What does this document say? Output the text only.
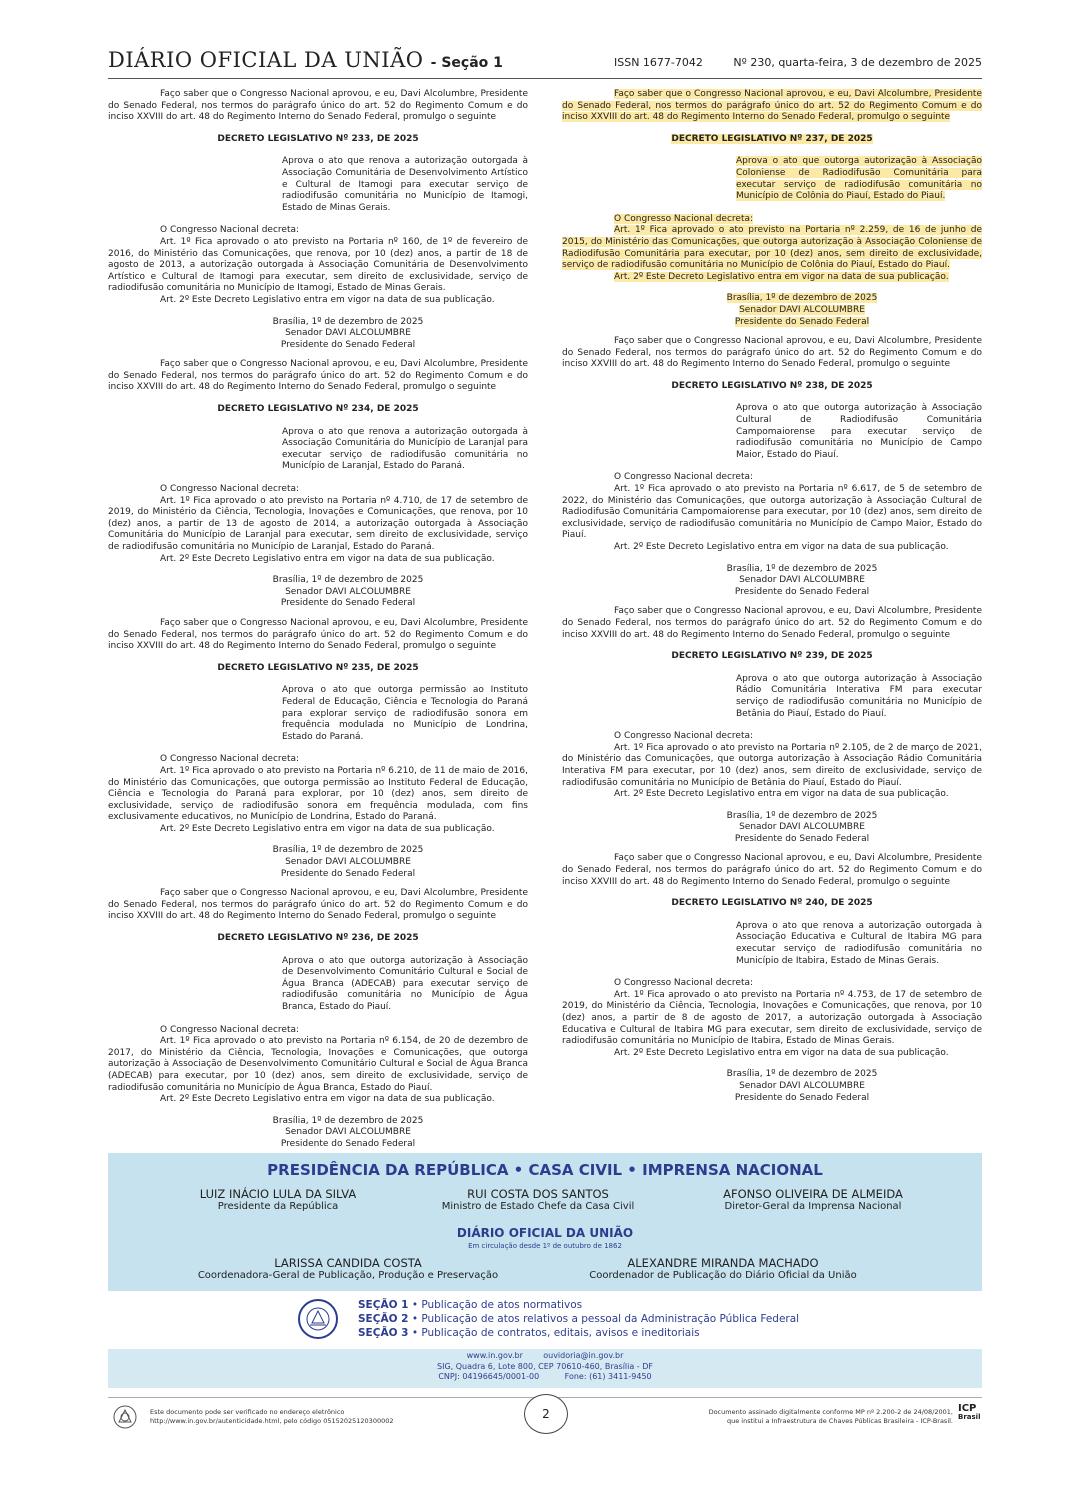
DIÁRIO OFICIAL DA UNIÃO - Seção 1	ISSN 1677-7042	Nº 230, quarta-feira, 3 de dezembro de 2025

Faço saber que o Congresso Nacional aprovou, e eu, Davi Alcolumbre, Presidente do Senado Federal, nos termos do parágrafo único do art. 52 do Regimento Comum e do inciso XXVIII do art. 48 do Regimento Interno do Senado Federal, promulgo o seguinte

DECRETO LEGISLATIVO Nº 233, DE 2025

Aprova o ato que renova a autorização outorgada à Associação Comunitária de Desenvolvimento Artístico e Cultural de Itamogi para executar serviço de radiodifusão comunitária no Município de Itamogi, Estado de Minas Gerais.

O Congresso Nacional decreta:

Art. 1º Fica aprovado o ato previsto na Portaria nº 160, de 1º de fevereiro de 2016, do Ministério das Comunicações, que renova, por 10 (dez) anos, a partir de 18 de agosto de 2013, a autorização outorgada à Associação Comunitária de Desenvolvimento Artístico e Cultural de Itamogi para executar, sem direito de exclusividade, serviço de radiodifusão comunitária no Município de Itamogi, Estado de Minas Gerais.

Art. 2º Este Decreto Legislativo entra em vigor na data de sua publicação.

Brasília, 1º de dezembro de 2025
Senador DAVI ALCOLUMBRE
Presidente do Senado Federal

Faço saber que o Congresso Nacional aprovou, e eu, Davi Alcolumbre, Presidente do Senado Federal, nos termos do parágrafo único do art. 52 do Regimento Comum e do inciso XXVIII do art. 48 do Regimento Interno do Senado Federal, promulgo o seguinte

DECRETO LEGISLATIVO Nº 234, DE 2025

Aprova o ato que renova a autorização outorgada à Associação Comunitária do Município de Laranjal para executar serviço de radiodifusão comunitária no Município de Laranjal, Estado do Paraná.

O Congresso Nacional decreta:

Art. 1º Fica aprovado o ato previsto na Portaria nº 4.710, de 17 de setembro de 2019, do Ministério da Ciência, Tecnologia, Inovações e Comunicações, que renova, por 10 (dez) anos, a partir de 13 de agosto de 2014, a autorização outorgada à Associação Comunitária do Município de Laranjal para executar, sem direito de exclusividade, serviço de radiodifusão comunitária no Município de Laranjal, Estado do Paraná.

Art. 2º Este Decreto Legislativo entra em vigor na data de sua publicação.

Brasília, 1º de dezembro de 2025
Senador DAVI ALCOLUMBRE
Presidente do Senado Federal

Faço saber que o Congresso Nacional aprovou, e eu, Davi Alcolumbre, Presidente do Senado Federal, nos termos do parágrafo único do art. 52 do Regimento Comum e do inciso XXVIII do art. 48 do Regimento Interno do Senado Federal, promulgo o seguinte

DECRETO LEGISLATIVO Nº 235, DE 2025

Aprova o ato que outorga permissão ao Instituto Federal de Educação, Ciência e Tecnologia do Paraná para explorar serviço de radiodifusão sonora em frequência modulada no Município de Londrina, Estado do Paraná.

O Congresso Nacional decreta:

Art. 1º Fica aprovado o ato previsto na Portaria nº 6.210, de 11 de maio de 2016, do Ministério das Comunicações, que outorga permissão ao Instituto Federal de Educação, Ciência e Tecnologia do Paraná para explorar, por 10 (dez) anos, sem direito de exclusividade, serviço de radiodifusão sonora em frequência modulada, com fins exclusivamente educativos, no Município de Londrina, Estado do Paraná.

Art. 2º Este Decreto Legislativo entra em vigor na data de sua publicação.

Brasília, 1º de dezembro de 2025
Senador DAVI ALCOLUMBRE
Presidente do Senado Federal

Faço saber que o Congresso Nacional aprovou, e eu, Davi Alcolumbre, Presidente do Senado Federal, nos termos do parágrafo único do art. 52 do Regimento Comum e do inciso XXVIII do art. 48 do Regimento Interno do Senado Federal, promulgo o seguinte

DECRETO LEGISLATIVO Nº 236, DE 2025

Aprova o ato que outorga autorização à Associação de Desenvolvimento Comunitário Cultural e Social de Água Branca (ADECAB) para executar serviço de radiodifusão comunitária no Município de Água Branca, Estado do Piauí.

O Congresso Nacional decreta:

Art. 1º Fica aprovado o ato previsto na Portaria nº 6.154, de 20 de dezembro de 2017, do Ministério da Ciência, Tecnologia, Inovações e Comunicações, que outorga autorização à Associação de Desenvolvimento Comunitário Cultural e Social de Água Branca (ADECAB) para executar, por 10 (dez) anos, sem direito de exclusividade, serviço de radiodifusão comunitária no Município de Água Branca, Estado do Piauí.

Art. 2º Este Decreto Legislativo entra em vigor na data de sua publicação.

Brasília, 1º de dezembro de 2025
Senador DAVI ALCOLUMBRE
Presidente do Senado Federal

Faço saber que o Congresso Nacional aprovou, e eu, Davi Alcolumbre, Presidente do Senado Federal, nos termos do parágrafo único do art. 52 do Regimento Comum e do inciso XXVIII do art. 48 do Regimento Interno do Senado Federal, promulgo o seguinte

DECRETO LEGISLATIVO Nº 237, DE 2025

Aprova o ato que outorga autorização à Associação Coloniense de Radiodifusão Comunitária para executar serviço de radiodifusão comunitária no Município de Colônia do Piauí, Estado do Piauí.

O Congresso Nacional decreta:

Art. 1º Fica aprovado o ato previsto na Portaria nº 2.259, de 16 de junho de 2015, do Ministério das Comunicações, que outorga autorização à Associação Coloniense de Radiodifusão Comunitária para executar, por 10 (dez) anos, sem direito de exclusividade, serviço de radiodifusão comunitária no Município de Colônia do Piauí, Estado do Piauí.

Art. 2º Este Decreto Legislativo entra em vigor na data de sua publicação.

Brasília, 1º de dezembro de 2025
Senador DAVI ALCOLUMBRE
Presidente do Senado Federal

Faço saber que o Congresso Nacional aprovou, e eu, Davi Alcolumbre, Presidente do Senado Federal, nos termos do parágrafo único do art. 52 do Regimento Comum e do inciso XXVIII do art. 48 do Regimento Interno do Senado Federal, promulgo o seguinte

DECRETO LEGISLATIVO Nº 238, DE 2025

Aprova o ato que outorga autorização à Associação Cultural de Radiodifusão Comunitária Campomaiorense para executar serviço de radiodifusão comunitária no Município de Campo Maior, Estado do Piauí.

O Congresso Nacional decreta:

Art. 1º Fica aprovado o ato previsto na Portaria nº 6.617, de 5 de setembro de 2022, do Ministério das Comunicações, que outorga autorização à Associação Cultural de Radiodifusão Comunitária Campomaiorense para executar, por 10 (dez) anos, sem direito de exclusividade, serviço de radiodifusão comunitária no Município de Campo Maior, Estado do Piauí.

Art. 2º Este Decreto Legislativo entra em vigor na data de sua publicação.

Brasília, 1º de dezembro de 2025
Senador DAVI ALCOLUMBRE
Presidente do Senado Federal

Faço saber que o Congresso Nacional aprovou, e eu, Davi Alcolumbre, Presidente do Senado Federal, nos termos do parágrafo único do art. 52 do Regimento Comum e do inciso XXVIII do art. 48 do Regimento Interno do Senado Federal, promulgo o seguinte

DECRETO LEGISLATIVO Nº 239, DE 2025

Aprova o ato que outorga autorização à Associação Rádio Comunitária Interativa FM para executar serviço de radiodifusão comunitária no Município de Betânia do Piauí, Estado do Piauí.

O Congresso Nacional decreta:

Art. 1º Fica aprovado o ato previsto na Portaria nº 2.105, de 2 de março de 2021, do Ministério das Comunicações, que outorga autorização à Associação Rádio Comunitária Interativa FM para executar, por 10 (dez) anos, sem direito de exclusividade, serviço de radiodifusão comunitária no Município de Betânia do Piauí, Estado do Piauí.

Art. 2º Este Decreto Legislativo entra em vigor na data de sua publicação.

Brasília, 1º de dezembro de 2025
Senador DAVI ALCOLUMBRE
Presidente do Senado Federal

Faço saber que o Congresso Nacional aprovou, e eu, Davi Alcolumbre, Presidente do Senado Federal, nos termos do parágrafo único do art. 52 do Regimento Comum e do inciso XXVIII do art. 48 do Regimento Interno do Senado Federal, promulgo o seguinte

DECRETO LEGISLATIVO Nº 240, DE 2025

Aprova o ato que renova a autorização outorgada à Associação Educativa e Cultural de Itabira MG para executar serviço de radiodifusão comunitária no Município de Itabira, Estado de Minas Gerais.

O Congresso Nacional decreta:

Art. 1º Fica aprovado o ato previsto na Portaria nº 4.753, de 17 de setembro de 2019, do Ministério da Ciência, Tecnologia, Inovações e Comunicações, que renova, por 10 (dez) anos, a partir de 8 de agosto de 2017, a autorização outorgada à Associação Educativa e Cultural de Itabira MG para executar, sem direito de exclusividade, serviço de radiodifusão comunitária no Município de Itabira, Estado de Minas Gerais.

Art. 2º Este Decreto Legislativo entra em vigor na data de sua publicação.

Brasília, 1º de dezembro de 2025
Senador DAVI ALCOLUMBRE
Presidente do Senado Federal
PRESIDÊNCIA DA REPÚBLICA • CASA CIVIL • IMPRENSA NACIONAL
LUIZ INÁCIO LULA DA SILVA
Presidente da República
RUI COSTA DOS SANTOS
Ministro de Estado Chefe da Casa Civil
AFONSO OLIVEIRA DE ALMEIDA
Diretor-Geral da Imprensa Nacional
DIÁRIO OFICIAL DA UNIÃO
Em circulação desde 1º de outubro de 1862
LARISSA CANDIDA COSTA
Coordenadora-Geral de Publicação, Produção e Preservação
ALEXANDRE MIRANDA MACHADO
Coordenador de Publicação do Diário Oficial da União
SEÇÃO 1 • Publicação de atos normativos
SEÇÃO 2 • Publicação de atos relativos a pessoal da Administração Pública Federal
SEÇÃO 3 • Publicação de contratos, editais, avisos e ineditoriais
www.in.gov.br	ouvidoria@in.gov.br
SIG, Quadra 6, Lote 800, CEP 70610-460, Brasília - DF
CNPJ: 04196645/0001-00	Fone: (61) 3411-9450
Este documento pode ser verificado no endereço eletrônico
http://www.in.gov.br/autenticidade.html, pelo código 05152025120300002	2	Documento assinado digitalmente conforme MP nº 2.200-2 de 24/08/2001,
que institui a Infraestrutura de Chaves Públicas Brasileira - ICP-Brasil.
ICP
Brasil
